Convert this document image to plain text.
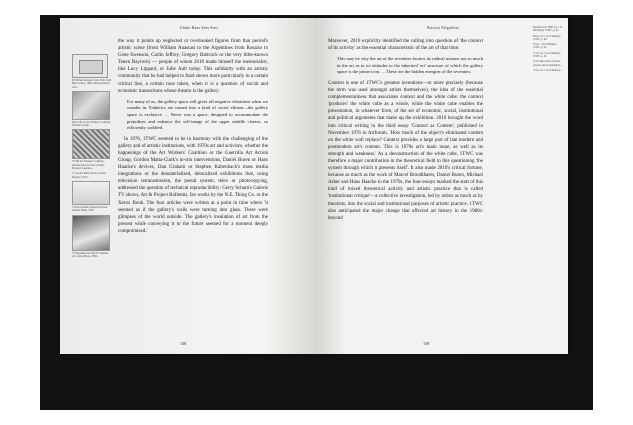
Under Hans Sees Sees

68 William Anastasi, West Wall, from Bern Gallery, 1966, with installation view...

69 Id., 69, in: Art Workers' Coalition, Women's Group...

70 The Art Workers' Coalition, demonstration in front of Pablo Picasso's Guernica...

71 Gordon Matta-Clark, Conical Intersect, 1975...

72 Dan Graham, Video Projection Outside Home, 1978

73 Siegelaub and John W. Weedler, eds., Xerox Book, 1968...

the way it points up neglected or overlooked figures from that period's artistic scene (from William Anastasi to the Argentines from Rosario to Gene Swenson, Carlin Jeffrey, Gregory Battcock or the very little-known Tenen Bayrock) — people of whom 2010 made himself the memorialist, like Lucy Lippard, or Julie Ault today. This solidarity with an artistic community that he had helped to fund shows more particularly in a certain critical line, a certain tone taken, when it is a question of social and economic transactions whose theatre is the gallery:

For many of us, the gallery space still gives off negative vibrations when we wander in. Esthetics are turned into a kind of social elitism—the gallery space is exclusive. ... Never was a space, designed to accommodate the prejudices and enhance the self-image of the upper middle classes, so efficiently codified.

In 1976, 1TWC seemed to be in harmony with the challenging of the gallery and of artistic institutions, with 1970s art and activism, whether the happenings of the Art Workers' Coalition or the Guerrilla Art Action Group, Gordon Matta-Clark's in-situ interventions, Daniel Buren or Hans Haacke's devices, Dan Graham or Stephen Kaltenbach's mass media integrations or the dematerialized, delocalized exhibitions that, using television retransmission, the postal system, telex or photocopying, addressed the question of technical reproducibility: Gerry Schum's Galerie TV shows, Art & Project Bulletins, fax works by the N.E. Thing Co. or the Xerox Book. The four articles were written at a point in time where 'it seemed as if the gallery's walls were turning into glass. There were glimpses of the world outside. The gallery's insulation of art from the present while conveying it to the future seemed for a moment deeply compromised.'

138
Patricia Falguières

Moreover, 2010 explicitly identified the calling into question of 'the context of its activity' as the essential characteristic of the art of that time:

This may be why the art of the seventies locates its radical notions not so much in the art as in its attitudes to the inherited 'art' structure of which the gallery space is the prime icon. ... These are the hidden energies of the seventies.

Context is one of 1TWC's greatest inventions—or more precisely (because the term was used amongst artists themselves), the idea of the essential complementariness that associates context and the white cube: the context 'produces' the white cube as a whole, while the white cube enables the presentation, in whatever form, of the set of economic, social, institutional and political arguments that make up the exhibition. 2010 brought the word into critical writing in the third essay 'Context as Content', published in November 1976 in Artforum. 'How much of the object's eliminated content on the white wall replace? Context provides a large part of late modern and postmodern art's content. This is 1970s art's main issue, as well as its strength and weakness.' As a deconstruction of the white cube, 1TWC was therefore a major contribution in the theoretical field to this questioning 'the system through which it presents itself'. It also made 2010's critical fortune, because as much as the work of Marcel Broodthaers, Daniel Buren, Michael Asher and Hans Haacke in the 1970s, the four-essays marked the start of this kind of mixed theoretical activity and artistic practice that is called 'institutional critique'—a collective investigation, led by artists as much as by theorists, into the social and institutional purposes of artistic practice. 1TWC also anticipated the major change that affected art history in the 1980s: beyond

68 Afterword 1986, ed. 1 So O'Doherty, 1TWC, p. 91.

69 Id., ed. 1 So O'Doherty, 1TWC, p. 94.

70 Id., 1 So O'Doherty, 1TWC, p. 91.

71 Id., ed. 1 So O'Doherty, 1TWC, p. 91.

72 On this sense of artistic practice and its institution...

73 Id., ed. 1 So O'Doherty...

139
